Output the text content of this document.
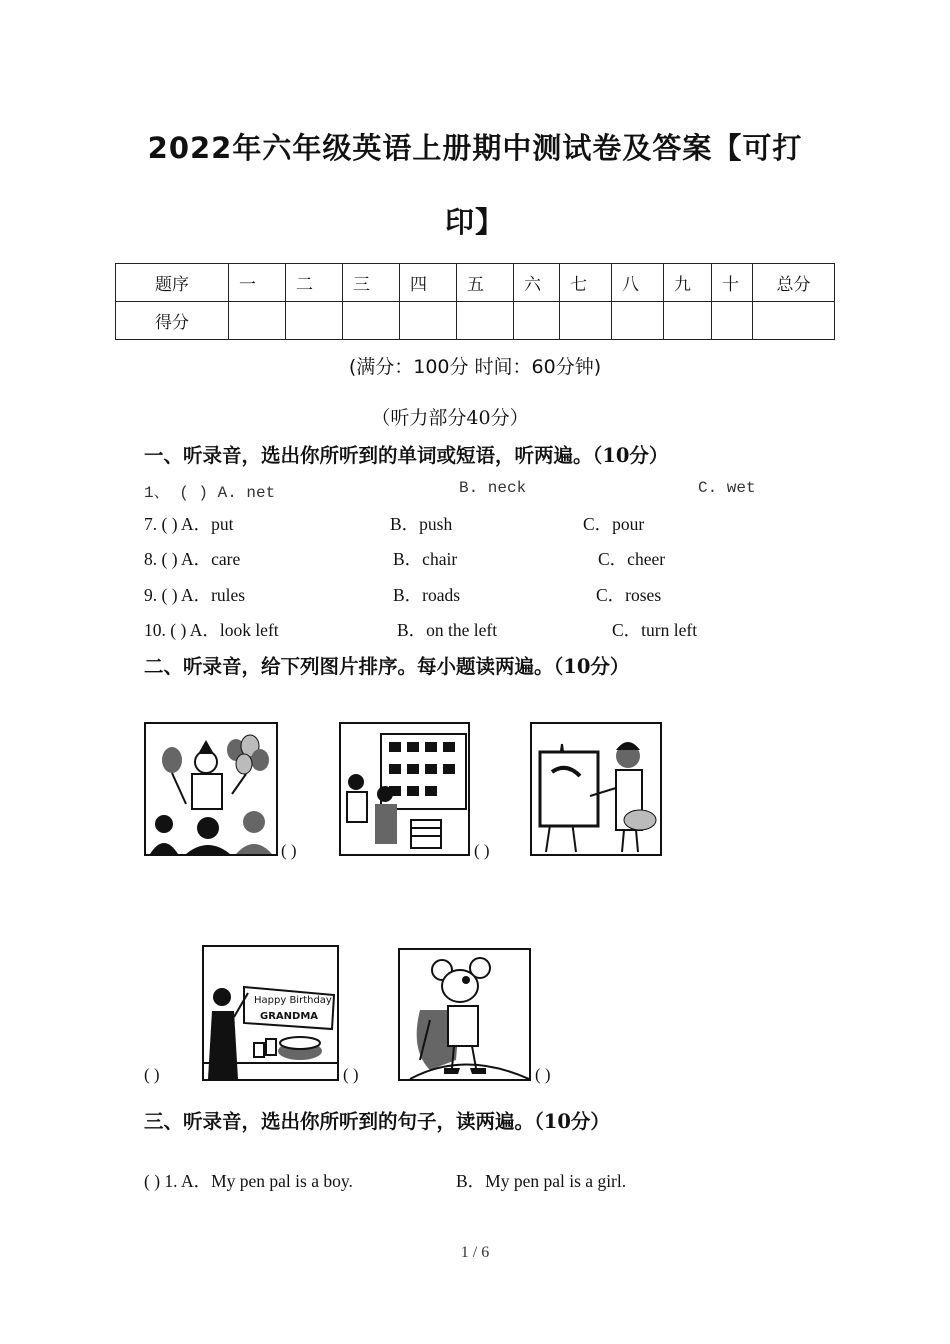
2022年六年级英语上册期中测试卷及答案【可打
印】
题序	一	二	三	四	五	六	七	八	九	十	总分
得分											
(满分：100分 时间：60分钟)
（听力部分40分）
一、听录音，选出你所听到的单词或短语，听两遍。（10分）
1、 ( ) A. net	B. neck	C. wet
7. ( ) A．put	B．push	C．pour
8. ( ) A．care	B．chair	C．cheer
9. ( ) A．rules	B．roads	C．roses
10. ( ) A．look left	B．on the left	C．turn left
二、听录音，给下列图片排序。每小题读两遍。（10分）
( )	( )
( )
Happy Birthday
GRANDMA
( )	( )
三、听录音，选出你所听到的句子，读两遍。（10分）
( ) 1. A．My pen pal is a boy.	B．My pen pal is a girl.
1 / 6
